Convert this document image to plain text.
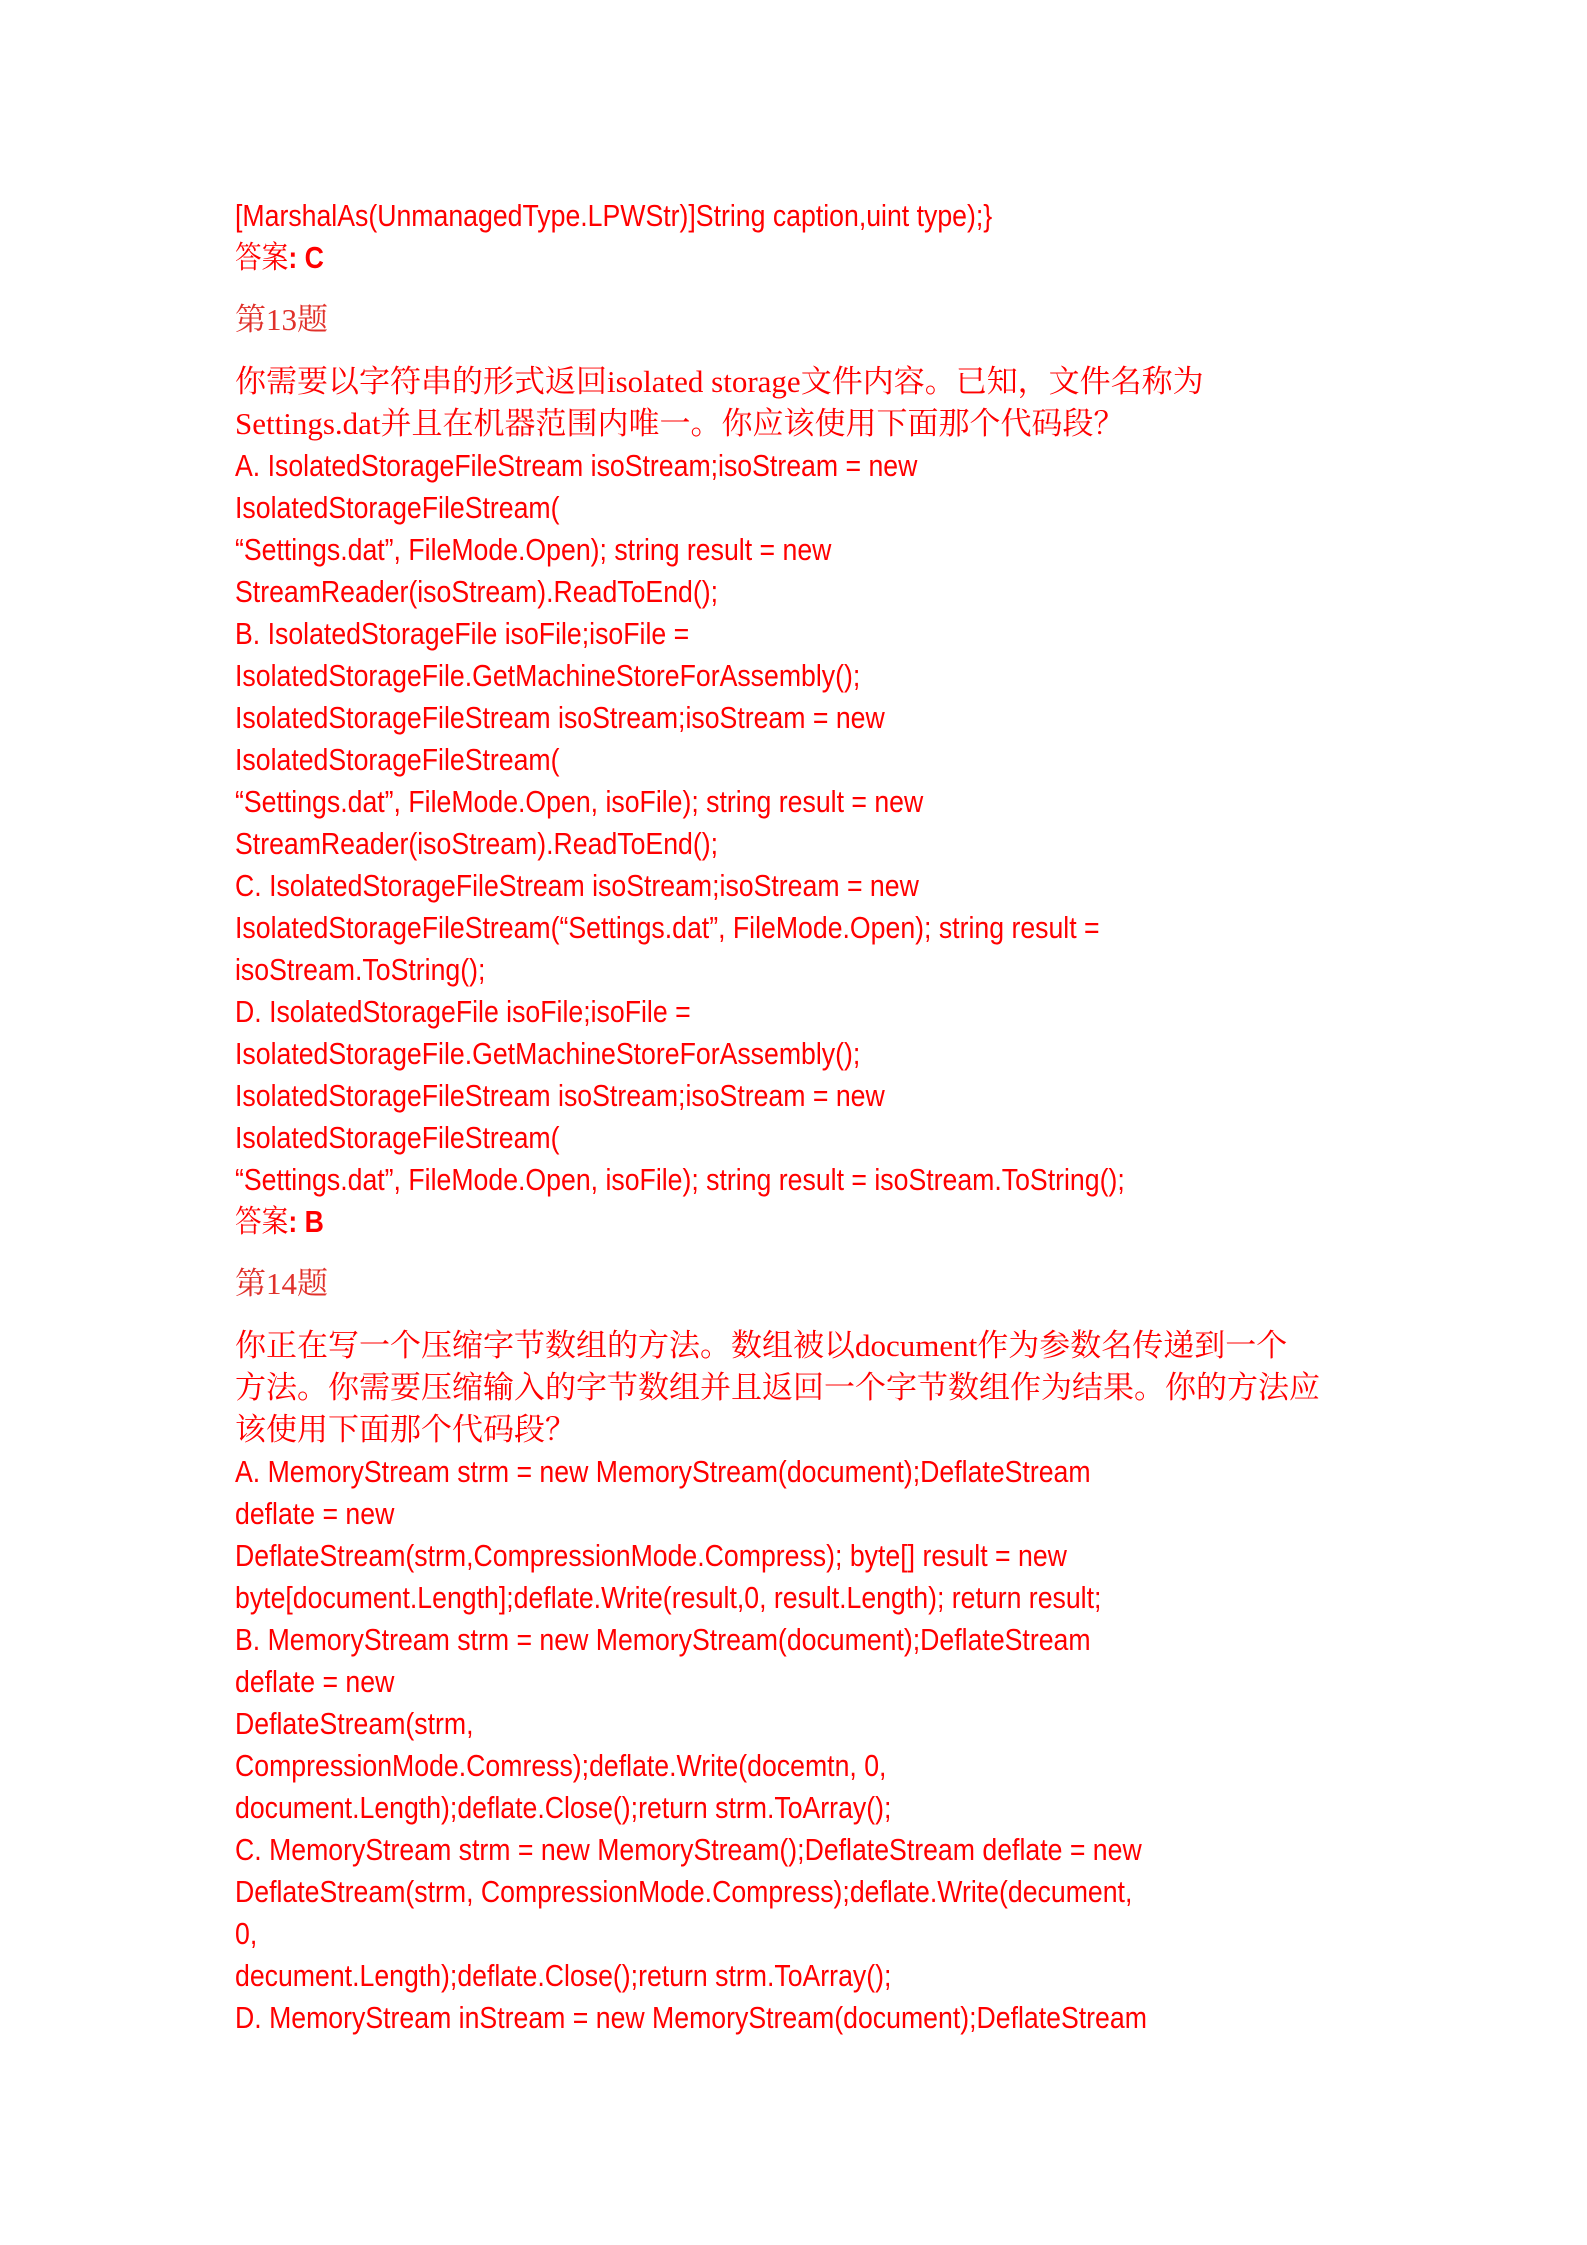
[MarshalAs(UnmanagedType.LPWStr)]String caption,uint type);}
答案: C
第13题
你需要以字符串的形式返回isolated storage文件内容。已知，文件名称为
Settings.dat并且在机器范围内唯一。你应该使用下面那个代码段？
A. IsolatedStorageFileStream isoStream;isoStream = new
IsolatedStorageFileStream(
“Settings.dat”, FileMode.Open); string result = new
StreamReader(isoStream).ReadToEnd();
B. IsolatedStorageFile isoFile;isoFile =
IsolatedStorageFile.GetMachineStoreForAssembly();
IsolatedStorageFileStream isoStream;isoStream = new
IsolatedStorageFileStream(
“Settings.dat”, FileMode.Open, isoFile); string result = new
StreamReader(isoStream).ReadToEnd();
C. IsolatedStorageFileStream isoStream;isoStream = new
IsolatedStorageFileStream(“Settings.dat”, FileMode.Open); string result =
isoStream.ToString();
D. IsolatedStorageFile isoFile;isoFile =
IsolatedStorageFile.GetMachineStoreForAssembly();
IsolatedStorageFileStream isoStream;isoStream = new
IsolatedStorageFileStream(
“Settings.dat”, FileMode.Open, isoFile); string result = isoStream.ToString();
答案: B
第14题
你正在写一个压缩字节数组的方法。数组被以document作为参数名传递到一个
方法。你需要压缩输入的字节数组并且返回一个字节数组作为结果。你的方法应
该使用下面那个代码段？
A. MemoryStream strm = new MemoryStream(document);DeflateStream
deflate = new
DeflateStream(strm,CompressionMode.Compress); byte[] result = new
byte[document.Length];deflate.Write(result,0, result.Length); return result;
B. MemoryStream strm = new MemoryStream(document);DeflateStream
deflate = new
DeflateStream(strm,
CompressionMode.Comress);deflate.Write(docemtn, 0,
document.Length);deflate.Close();return strm.ToArray();
C. MemoryStream strm = new MemoryStream();DeflateStream deflate = new
DeflateStream(strm, CompressionMode.Compress);deflate.Write(decument,
0,
decument.Length);deflate.Close();return strm.ToArray();
D. MemoryStream inStream = new MemoryStream(document);DeflateStream
